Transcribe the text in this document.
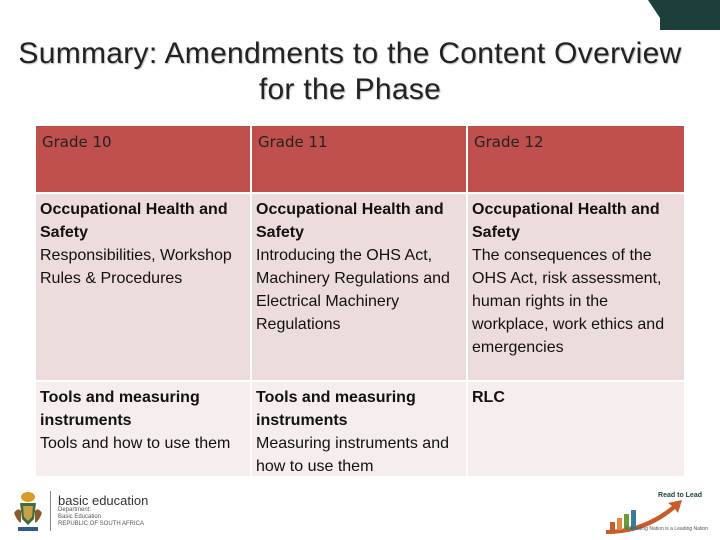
Summary: Amendments to the Content Overview for the Phase
Grade 10	Grade 11	Grade 12
Occupational Health and Safety
Responsibilities, Workshop Rules & Procedures
Occupational Health and Safety
Introducing the OHS Act, Machinery Regulations and Electrical Machinery Regulations
Occupational Health and Safety
The consequences of the OHS Act, risk assessment, human rights in the workplace, work ethics and emergencies
Tools and measuring instruments
Tools and how to use them
Tools and measuring instruments
Measuring instruments and how to use them
RLC
basic education
Department:
Basic Education
REPUBLIC OF SOUTH AFRICA
Read to Lead
A Reading Nation is a Leading Nation
